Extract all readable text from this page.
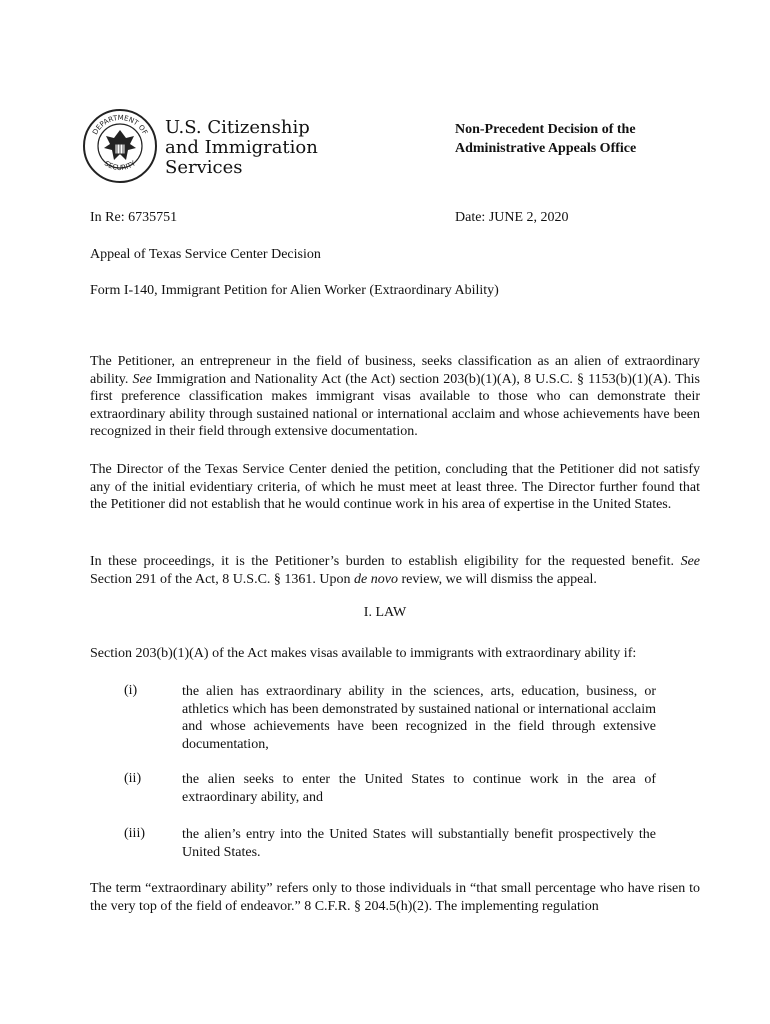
DEPARTMENT OF
SECURITY
U.S. Citizenship
and Immigration
Services
Non-Precedent Decision of the
Administrative Appeals Office
In Re: 6735751	Date: JUNE 2, 2020
Appeal of Texas Service Center Decision
Form I-140, Immigrant Petition for Alien Worker (Extraordinary Ability)
The Petitioner, an entrepreneur in the field of business, seeks classification as an alien of extraordinary ability. See Immigration and Nationality Act (the Act) section 203(b)(1)(A), 8 U.S.C. § 1153(b)(1)(A). This first preference classification makes immigrant visas available to those who can demonstrate their extraordinary ability through sustained national or international acclaim and whose achievements have been recognized in their field through extensive documentation.
The Director of the Texas Service Center denied the petition, concluding that the Petitioner did not satisfy any of the initial evidentiary criteria, of which he must meet at least three. The Director further found that the Petitioner did not establish that he would continue work in his area of expertise in the United States.
In these proceedings, it is the Petitioner’s burden to establish eligibility for the requested benefit. See Section 291 of the Act, 8 U.S.C. § 1361. Upon de novo review, we will dismiss the appeal.
I. LAW
Section 203(b)(1)(A) of the Act makes visas available to immigrants with extraordinary ability if:
(i)	the alien has extraordinary ability in the sciences, arts, education, business, or athletics which has been demonstrated by sustained national or international acclaim and whose achievements have been recognized in the field through extensive documentation,
(ii)	the alien seeks to enter the United States to continue work in the area of extraordinary ability, and
(iii)	the alien’s entry into the United States will substantially benefit prospectively the United States.
The term “extraordinary ability” refers only to those individuals in “that small percentage who have risen to the very top of the field of endeavor.” 8 C.F.R. § 204.5(h)(2). The implementing regulation
